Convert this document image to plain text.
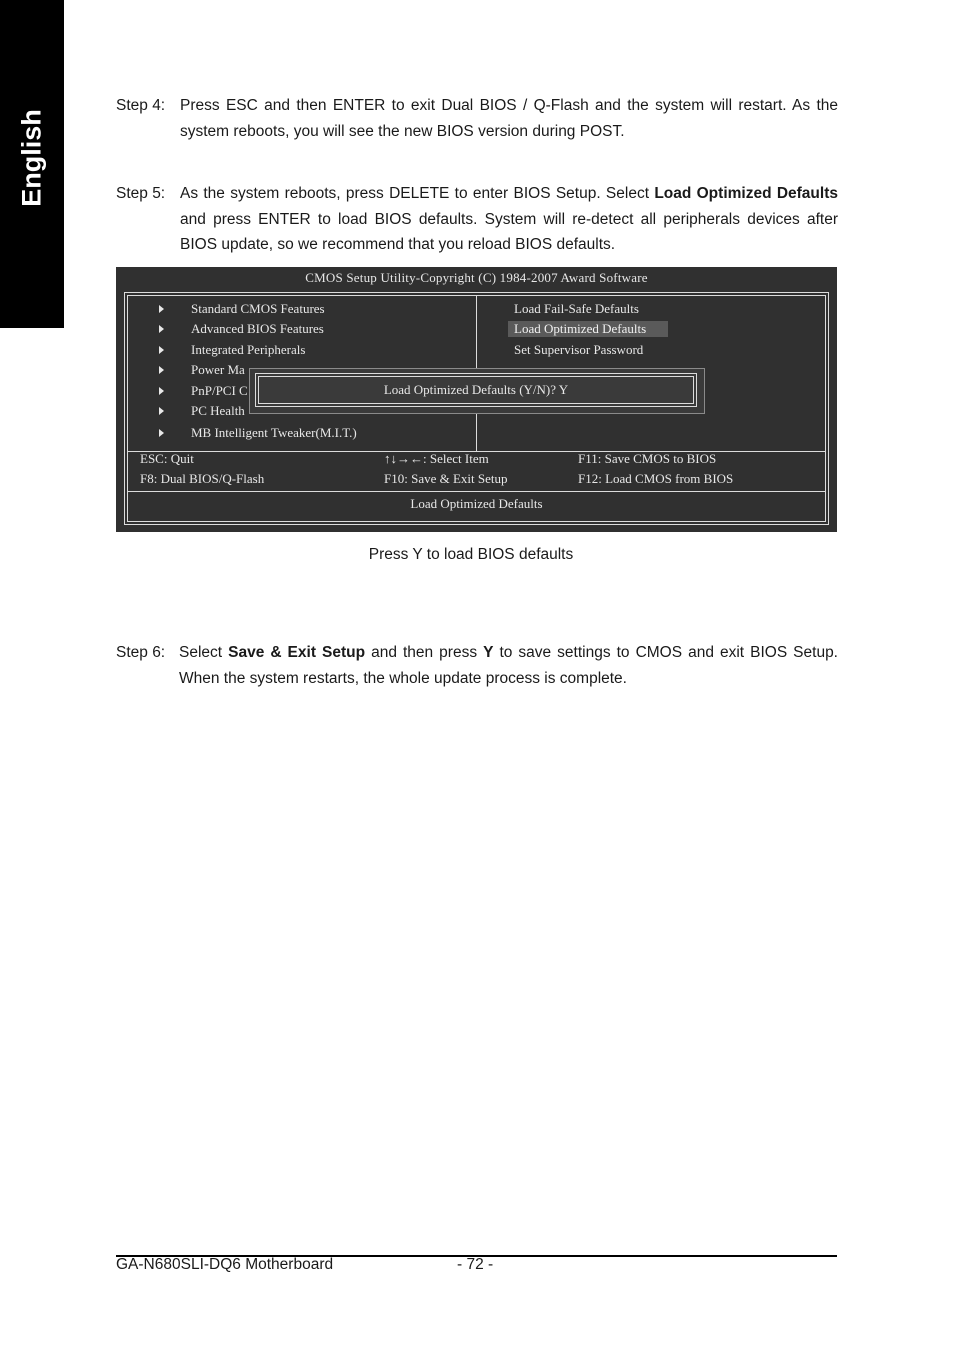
English
Step 4: Press ESC and then ENTER to exit Dual BIOS / Q-Flash and the system will restart. As the system reboots, you will see the new BIOS version during POST.
Step 5: As the system reboots, press DELETE to enter BIOS Setup. Select Load Optimized Defaults and press ENTER to load BIOS defaults. System will re-detect all peripherals devices after BIOS update, so we recommend that you reload BIOS defaults.
CMOS Setup Utility-Copyright (C) 1984-2007 Award Software
Standard CMOS Features
Advanced BIOS Features
Integrated Peripherals
Power Ma
PnP/PCI C
PC Health
MB Intelligent Tweaker(M.I.T.)
Load Fail-Safe Defaults
Load Optimized Defaults
Set Supervisor Password
Load Optimized Defaults (Y/N)? Y
ESC: Quit	↑↓→←: Select Item	F11: Save CMOS to BIOS
F8: Dual BIOS/Q-Flash	F10: Save & Exit Setup	F12: Load CMOS from BIOS
Load Optimized Defaults
Press Y to load BIOS defaults
Step 6: Select Save & Exit Setup and then press Y to save settings to CMOS and exit BIOS Setup. When the system restarts, the whole update process is complete.
GA-N680SLI-DQ6 Motherboard	- 72 -
